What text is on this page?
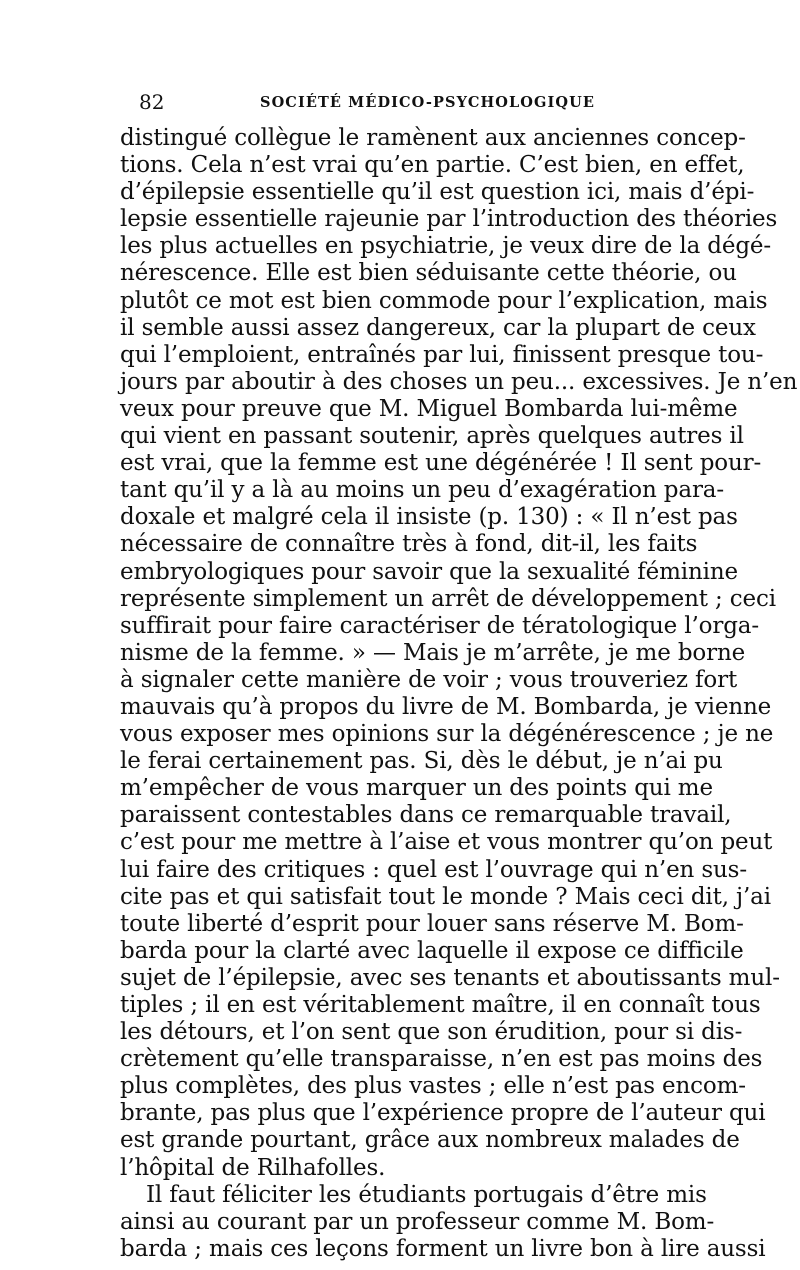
82	SOCIÉTÉ MÉDICO-PSYCHOLOGIQUE
distingué collègue le ramènent aux anciennes concep-
tions. Cela n’est vrai qu’en partie. C’est bien, en effet,
d’épilepsie essentielle qu’il est question ici, mais d’épi-
lepsie essentielle rajeunie par l’introduction des théories
les plus actuelles en psychiatrie, je veux dire de la dégé-
nérescence. Elle est bien séduisante cette théorie, ou
plutôt ce mot est bien commode pour l’explication, mais
il semble aussi assez dangereux, car la plupart de ceux
qui l’emploient, entraînés par lui, finissent presque tou-
jours par aboutir à des choses un peu... excessives. Je n’en
veux pour preuve que M. Miguel Bombarda lui-même
qui vient en passant soutenir, après quelques autres il
est vrai, que la femme est une dégénérée ! Il sent pour-
tant qu’il y a là au moins un peu d’exagération para-
doxale et malgré cela il insiste (p. 130) : « Il n’est pas
nécessaire de connaître très à fond, dit-il, les faits
embryologiques pour savoir que la sexualité féminine
représente simplement un arrêt de développement ; ceci
suffirait pour faire caractériser de tératologique l’orga-
nisme de la femme. » — Mais je m’arrête, je me borne
à signaler cette manière de voir ; vous trouveriez fort
mauvais qu’à propos du livre de M. Bombarda, je vienne
vous exposer mes opinions sur la dégénérescence ; je ne
le ferai certainement pas. Si, dès le début, je n’ai pu
m’empêcher de vous marquer un des points qui me
paraissent contestables dans ce remarquable travail,
c’est pour me mettre à l’aise et vous montrer qu’on peut
lui faire des critiques : quel est l’ouvrage qui n’en sus-
cite pas et qui satisfait tout le monde ? Mais ceci dit, j’ai
toute liberté d’esprit pour louer sans réserve M. Bom-
barda pour la clarté avec laquelle il expose ce difficile
sujet de l’épilepsie, avec ses tenants et aboutissants mul-
tiples ; il en est véritablement maître, il en connaît tous
les détours, et l’on sent que son érudition, pour si dis-
crètement qu’elle transparaisse, n’en est pas moins des
plus complètes, des plus vastes ; elle n’est pas encom-
brante, pas plus que l’expérience propre de l’auteur qui
est grande pourtant, grâce aux nombreux malades de
l’hôpital de Rilhafolles.
Il faut féliciter les étudiants portugais d’être mis
ainsi au courant par un professeur comme M. Bom-
barda ; mais ces leçons forment un livre bon à lire aussi
